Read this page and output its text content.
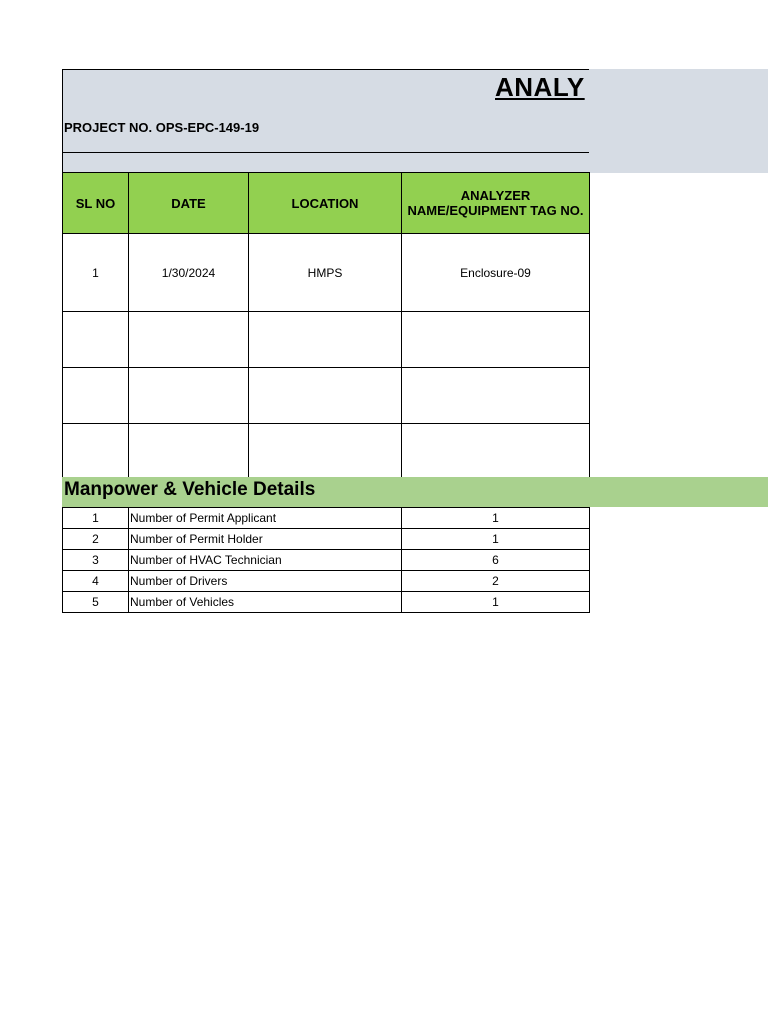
ANALY
PROJECT NO. OPS-EPC-149-19
SL NO	DATE	LOCATION	ANALYZER
NAME/EQUIPMENT TAG NO.
1	1/30/2024	HMPS	Enclosure-09

Manpower & Vehicle Details
1	Number of Permit Applicant	1
2	Number of Permit Holder	1
3	Number of HVAC Technician	6
4	Number of Drivers	2
5	Number of Vehicles	1
